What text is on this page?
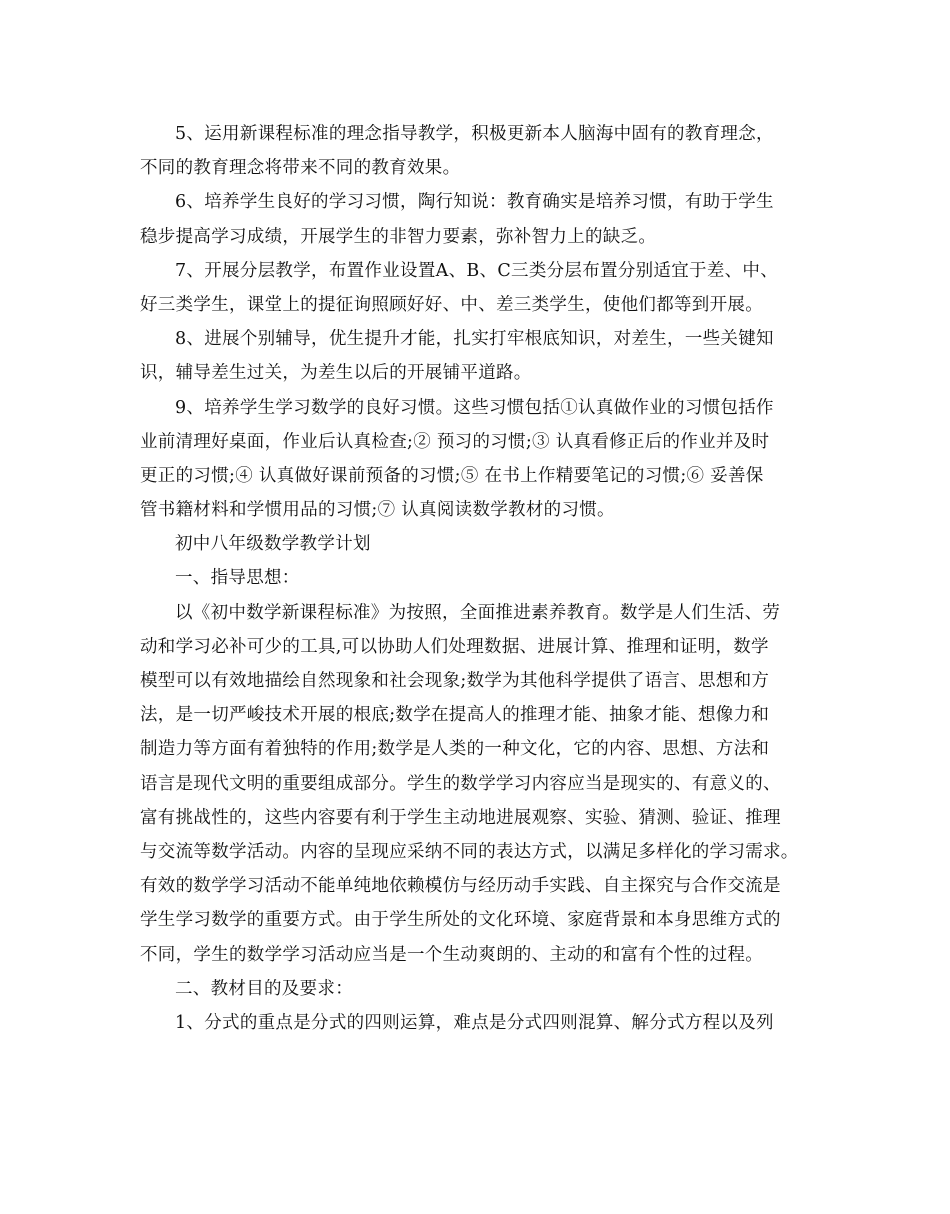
5、运用新课程标准的理念指导教学，积极更新本人脑海中固有的教育理念，
不同的教育理念将带来不同的教育效果。
6、培养学生良好的学习习惯，陶行知说：教育确实是培养习惯，有助于学生
稳步提高学习成绩，开展学生的非智力要素，弥补智力上的缺乏。
7、开展分层教学，布置作业设置A、B、C三类分层布置分别适宜于差、中、
好三类学生，课堂上的提征询照顾好好、中、差三类学生，使他们都等到开展。
8、进展个别辅导，优生提升才能，扎实打牢根底知识，对差生，一些关键知
识，辅导差生过关，为差生以后的开展铺平道路。
9、培养学生学习数学的良好习惯。这些习惯包括①认真做作业的习惯包括作
业前清理好桌面，作业后认真检查;② 预习的习惯;③ 认真看修正后的作业并及时
更正的习惯;④ 认真做好课前预备的习惯;⑤ 在书上作精要笔记的习惯;⑥ 妥善保
管书籍材料和学惯用品的习惯;⑦ 认真阅读数学教材的习惯。
初中八年级数学教学计划
一、指导思想：
以《初中数学新课程标准》为按照，全面推进素养教育。数学是人们生活、劳
动和学习必补可少的工具,可以协助人们处理数据、进展计算、推理和证明，数学
模型可以有效地描绘自然现象和社会现象;数学为其他科学提供了语言、思想和方
法，是一切严峻技术开展的根底;数学在提高人的推理才能、抽象才能、想像力和
制造力等方面有着独特的作用;数学是人类的一种文化，它的内容、思想、方法和
语言是现代文明的重要组成部分。学生的数学学习内容应当是现实的、有意义的、
富有挑战性的，这些内容要有利于学生主动地进展观察、实验、猜测、验证、推理
与交流等数学活动。内容的呈现应采纳不同的表达方式，以满足多样化的学习需求。
有效的数学学习活动不能单纯地依赖模仿与经历动手实践、自主探究与合作交流是
学生学习数学的重要方式。由于学生所处的文化环境、家庭背景和本身思维方式的
不同，学生的数学学习活动应当是一个生动爽朗的、主动的和富有个性的过程。
二、教材目的及要求：
1、分式的重点是分式的四则运算，难点是分式四则混算、解分式方程以及列
